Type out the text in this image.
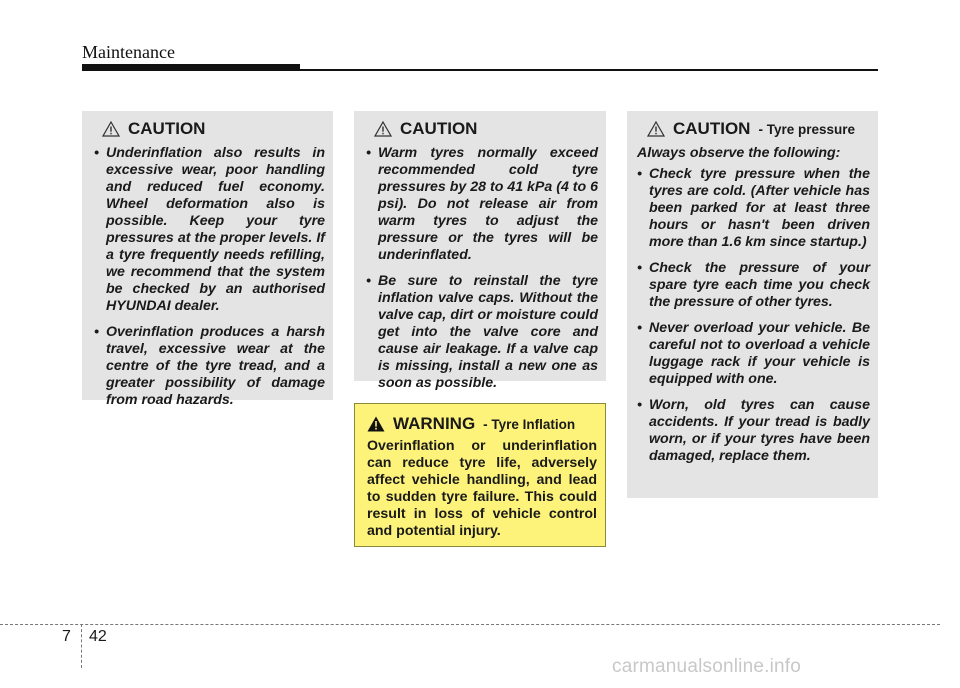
Maintenance
CAUTION
• Underinflation also results in excessive wear, poor handling and reduced fuel economy. Wheel deformation also is possible. Keep your tyre pressures at the proper levels. If a tyre frequently needs refilling, we recommend that the system be checked by an authorised HYUNDAI dealer.
• Overinflation produces a harsh travel, excessive wear at the centre of the tyre tread, and a greater possibility of damage from road hazards.
CAUTION
• Warm tyres normally exceed recommended cold tyre pressures by 28 to 41 kPa (4 to 6 psi). Do not release air from warm tyres to adjust the pressure or the tyres will be underinflated.
• Be sure to reinstall the tyre inflation valve caps. Without the valve cap, dirt or moisture could get into the valve core and cause air leakage. If a valve cap is missing, install a new one as soon as possible.
WARNING - Tyre Inflation
Overinflation or underinflation can reduce tyre life, adversely affect vehicle handling, and lead to sudden tyre failure. This could result in loss of vehicle control and potential injury.
CAUTION - Tyre pressure

Always observe the following:

• Check tyre pressure when the tyres are cold. (After vehicle has been parked for at least three hours or hasn't been driven more than 1.6 km since startup.)
• Check the pressure of your spare tyre each time you check the pressure of other tyres.
• Never overload your vehicle. Be careful not to overload a vehicle luggage rack if your vehicle is equipped with one.
• Worn, old tyres can cause accidents. If your tread is badly worn, or if your tyres have been damaged, replace them.
7 42
carmanualsonline.info
